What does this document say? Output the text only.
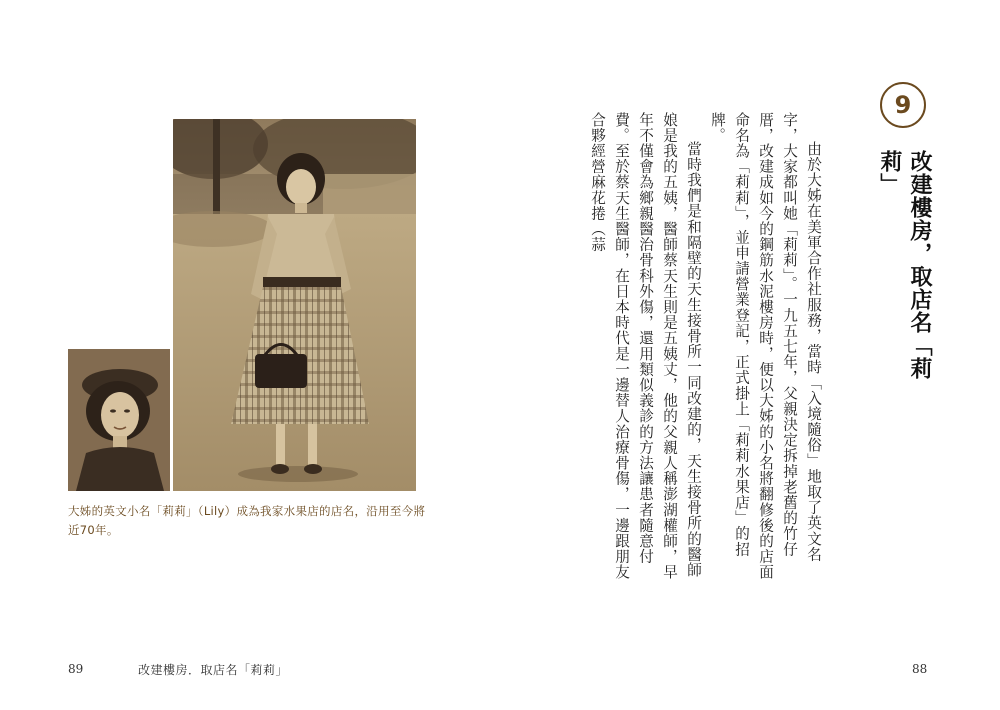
大姊的英文小名「莉莉」（Lily）成為我家水果店的店名，沿用至今將近70年。	由於大姊在美軍合作社服務，當時「入境隨俗」地取了英文名字，大家都叫她「莉莉」。一九五七年，父親決定拆掉老舊的竹仔厝，改建成如今的鋼筋水泥樓房時，便以大姊的小名將翻修後的店面命名為「莉莉」，並申請營業登記，正式掛上「莉莉水果店」的招牌。

當時我們是和隔壁的天生接骨所一同改建的，天生接骨所的醫師娘是我的五姨，醫師蔡天生則是五姨丈，他的父親人稱澎湖權師，早年不僅會為鄉親醫治骨科外傷，還用類似義診的方法讓患者隨意付費。至於蔡天生醫師，在日本時代是一邊替人治療骨傷，一邊跟朋友合夥經營麻花捲（蒜

9
改建樓房，取店名「莉莉」
89	改建樓房．取店名「莉莉」	88
